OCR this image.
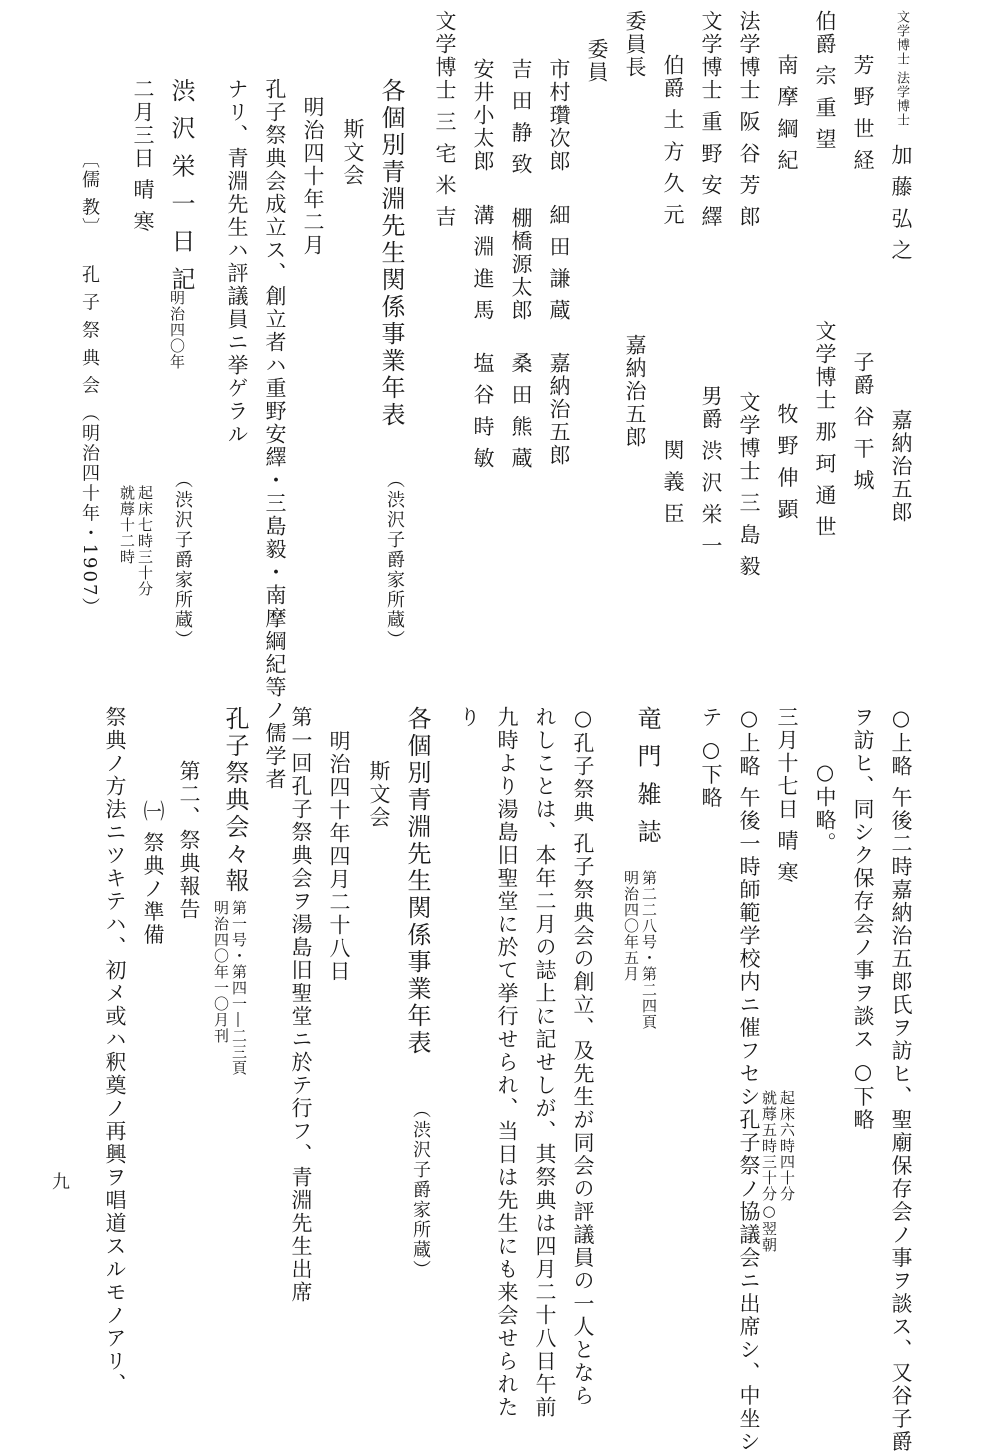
文学博士 法学博士 加 藤 弘 之 嘉納治五郎
芳 野 世 経 子爵 谷 干 城
伯爵 宗 重 望 文学博士 那 珂 通 世
南 摩 綱 紀 牧 野 伸 顕
法学博士 阪 谷 芳 郎 文学博士 三 島 毅
文学博士 重 野 安 繹 男爵 渋 沢 栄 一
伯爵 土 方 久 元 関 義 臣
委員長 嘉納治五郎
委員
市村瓚次郎 細 田 謙 蔵 嘉納治五郎
吉 田 静 致 棚橋源太郎 桑 田 熊 蔵
安井小太郎 溝 淵 進 馬 塩 谷 時 敏
文学博士 三 宅 米 吉
各個別青淵先生関係事業年表
（渋沢子爵家所蔵）
斯文会
明治四十年二月
孔子祭典会成立ス、創立者ハ重野安繹・三島毅・南摩綱紀等ノ儒学者
ナリ、青淵先生ハ評議員ニ挙ゲラル
渋 沢 栄 一 日 記
明治四〇年
（渋沢子爵家所蔵）
二月三日 晴 寒
起床七時三十分
就蓐十二時
〔儒 教〕 孔 子 祭 典 会 （明治四十年・1907）
○上略 午後二時嘉納治五郎氏ヲ訪ヒ、聖廟保存会ノ事ヲ談ス、又谷子爵
ヲ訪ヒ、同シク保存会ノ事ヲ談ス ○下略
○中略。
三月十七日 晴 寒
起床六時四十分
就蓐五時三十分○翌朝
○上略 午後一時師範学校内ニ催フセシ孔子祭ノ協議会ニ出席シ、中坐シ
テ ○下略
竜 門 雑 誌
第二二八号・第二四頁
明治四〇年五月
○孔子祭典 孔子祭典会の創立、及先生が同会の評議員の一人となら
れしことは、本年二月の誌上に記せしが、其祭典は四月二十八日午前
九時より湯島旧聖堂に於て挙行せられ、当日は先生にも来会せられた
り
各個別青淵先生関係事業年表
（渋沢子爵家所蔵）
斯文会
明治四十年四月二十八日
第一回孔子祭典会ヲ湯島旧聖堂ニ於テ行フ、青淵先生出席
孔子祭典会々報
第一号・第四一―二三頁
明治四〇年一〇月刊
第二、祭典報告
㈠ 祭典ノ準備
祭典ノ方法ニツキテハ、初メ或ハ釈奠ノ再興ヲ唱道スルモノアリ、
九
